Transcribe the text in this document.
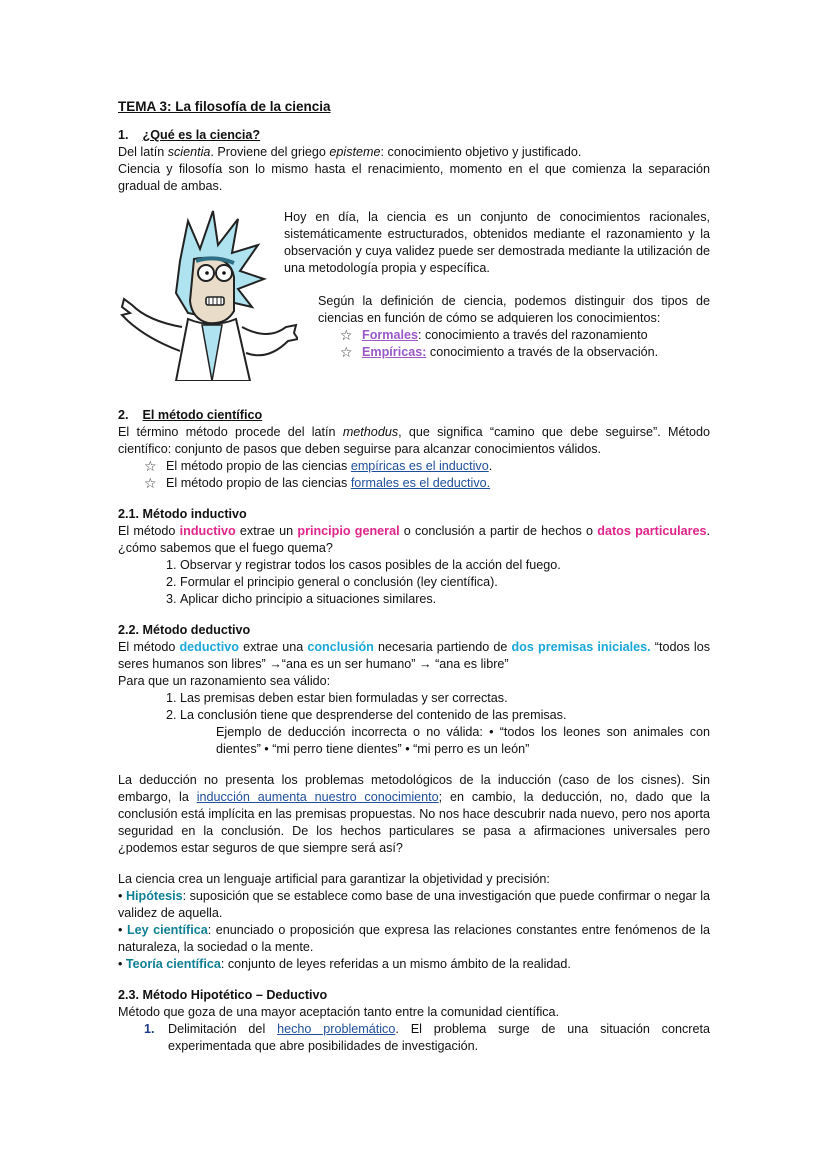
TEMA 3: La filosofía de la ciencia

1. ¿Qué es la ciencia?

Del latín scientia. Proviene del griego episteme: conocimiento objetivo y justificado.

Ciencia y filosofía son lo mismo hasta el renacimiento, momento en el que comienza la separación gradual de ambas.

Hoy en día, la ciencia es un conjunto de conocimientos racionales, sistemáticamente estructurados, obtenidos mediante el razonamiento y la observación y cuya validez puede ser demostrada mediante la utilización de una metodología propia y específica.

Según la definición de ciencia, podemos distinguir dos tipos de ciencias en función de cómo se adquieren los conocimientos:

☆ Formales: conocimiento a través del razonamiento
☆ Empíricas: conocimiento a través de la observación.

2. El método científico

El término método procede del latín methodus, que significa “camino que debe seguirse”. Método científico: conjunto de pasos que deben seguirse para alcanzar conocimientos válidos.

☆ El método propio de las ciencias empíricas es el inductivo.
☆ El método propio de las ciencias formales es el deductivo.

2.1. Método inductivo

El método inductivo extrae un principio general o conclusión a partir de hechos o datos particulares. ¿cómo sabemos que el fuego quema?

1. Observar y registrar todos los casos posibles de la acción del fuego.
2. Formular el principio general o conclusión (ley científica).
3. Aplicar dicho principio a situaciones similares.

2.2. Método deductivo

El método deductivo extrae una conclusión necesaria partiendo de dos premisas iniciales. “todos los seres humanos son libres” →“ana es un ser humano” → “ana es libre”

Para que un razonamiento sea válido:

1. Las premisas deben estar bien formuladas y ser correctas.
2. La conclusión tiene que desprenderse del contenido de las premisas.

Ejemplo de deducción incorrecta o no válida: • “todos los leones son animales con dientes” • “mi perro tiene dientes” • “mi perro es un león”

La deducción no presenta los problemas metodológicos de la inducción (caso de los cisnes). Sin embargo, la inducción aumenta nuestro conocimiento; en cambio, la deducción, no, dado que la conclusión está implícita en las premisas propuestas. No nos hace descubrir nada nuevo, pero nos aporta seguridad en la conclusión. De los hechos particulares se pasa a afirmaciones universales pero ¿podemos estar seguros de que siempre será así?

La ciencia crea un lenguaje artificial para garantizar la objetividad y precisión:

• Hipótesis: suposición que se establece como base de una investigación que puede confirmar o negar la validez de aquella.

• Ley científica: enunciado o proposición que expresa las relaciones constantes entre fenómenos de la naturaleza, la sociedad o la mente.

• Teoría científica: conjunto de leyes referidas a un mismo ámbito de la realidad.

2.3. Método Hipotético – Deductivo

Método que goza de una mayor aceptación tanto entre la comunidad científica.

1. Delimitación del hecho problemático. El problema surge de una situación concreta experimentada que abre posibilidades de investigación.
